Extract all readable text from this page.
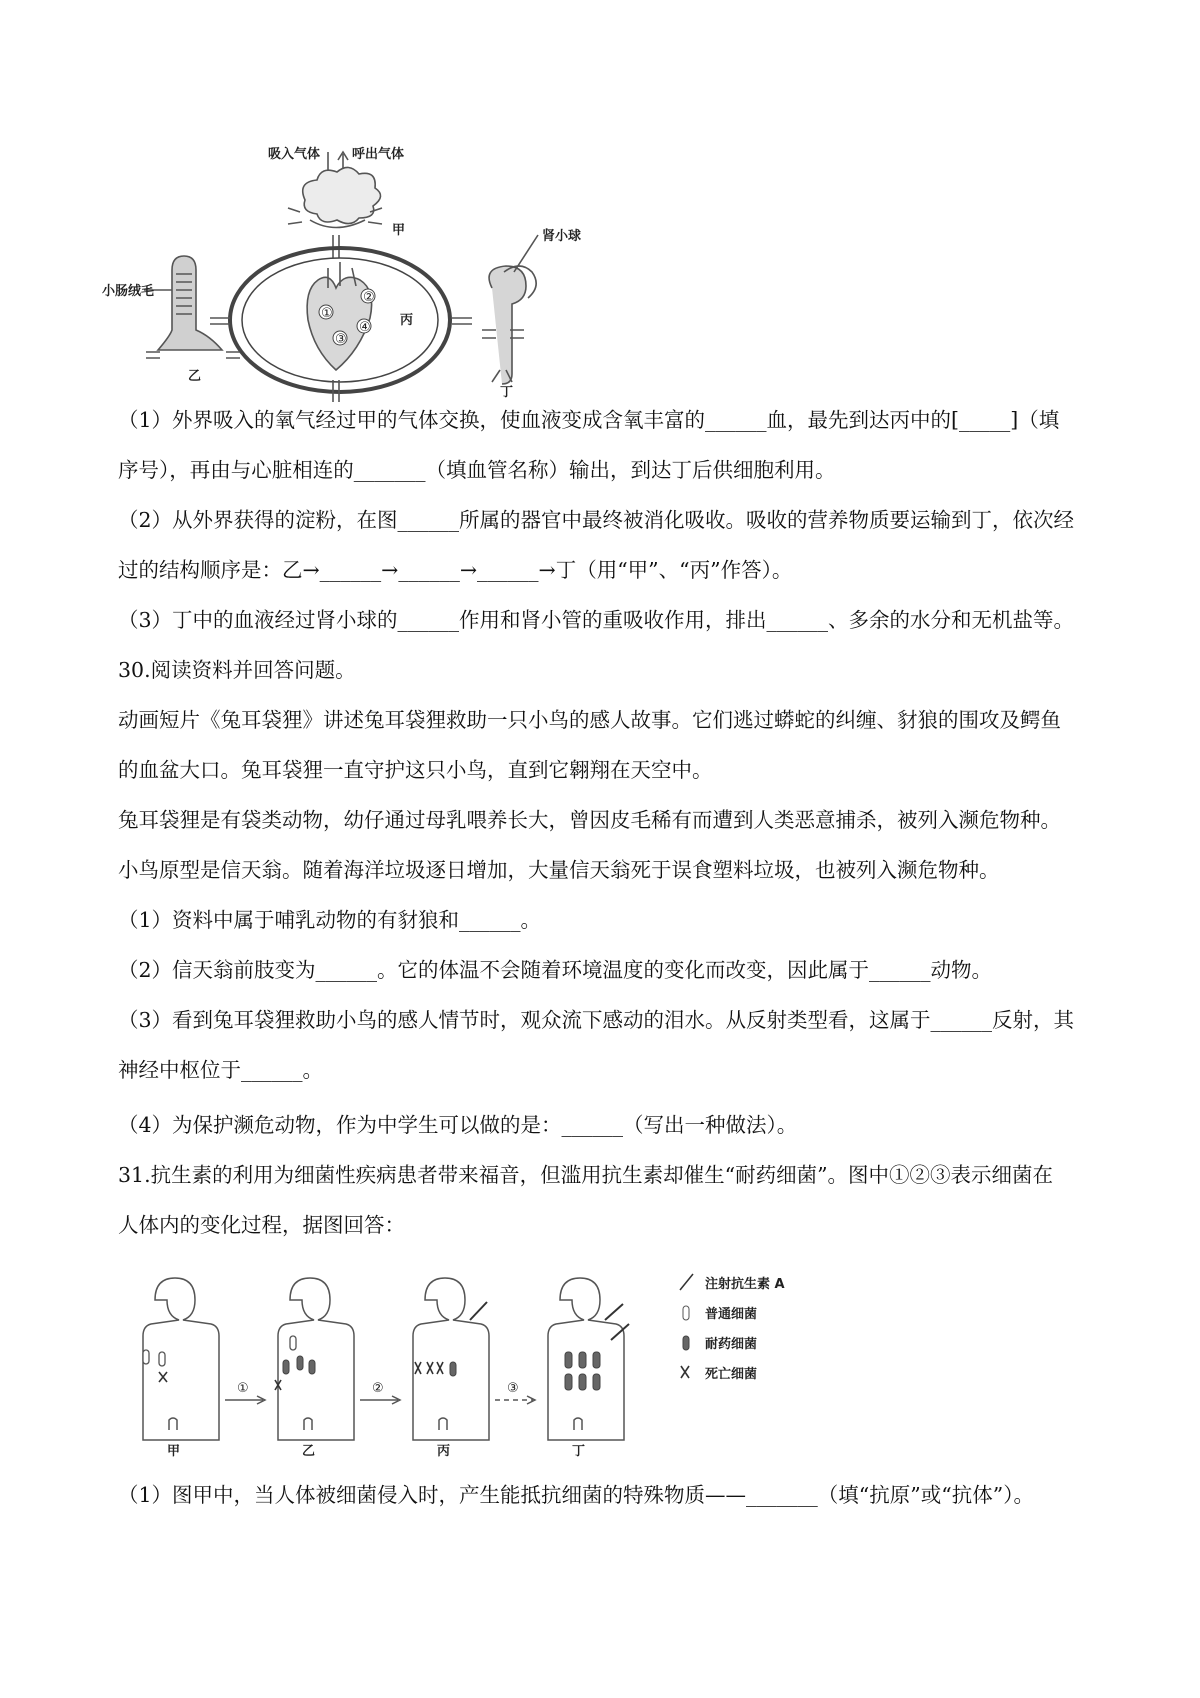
①
②
③
④
吸入气体 呼出气体
甲	肾小球
小肠绒毛
丙
乙
丁
（1）外界吸入的氧气经过甲的气体交换，使血液变成含氧丰富的______血，最先到达丙中的[_____]（填
序号），再由与心脏相连的_______（填血管名称）输出，到达丁后供细胞利用。
（2）从外界获得的淀粉，在图______所属的器官中最终被消化吸收。吸收的营养物质要运输到丁，依次经
过的结构顺序是：乙→______→______→______→丁（用“甲”、“丙”作答）。
（3）丁中的血液经过肾小球的______作用和肾小管的重吸收作用，排出______、多余的水分和无机盐等。
30.阅读资料并回答问题。
动画短片《兔耳袋狸》讲述兔耳袋狸救助一只小鸟的感人故事。它们逃过蟒蛇的纠缠、豺狼的围攻及鳄鱼
的血盆大口。兔耳袋狸一直守护这只小鸟，直到它翱翔在天空中。
兔耳袋狸是有袋类动物，幼仔通过母乳喂养长大，曾因皮毛稀有而遭到人类恶意捕杀，被列入濒危物种。
小鸟原型是信天翁。随着海洋垃圾逐日增加，大量信天翁死于误食塑料垃圾，也被列入濒危物种。
（1）资料中属于哺乳动物的有豺狼和______。
（2）信天翁前肢变为______。它的体温不会随着环境温度的变化而改变，因此属于______动物。
（3）看到兔耳袋狸救助小鸟的感人情节时，观众流下感动的泪水。从反射类型看，这属于______反射，其
神经中枢位于______。
（4）为保护濒危动物，作为中学生可以做的是：______（写出一种做法）。
31.抗生素的利用为细菌性疾病患者带来福音，但滥用抗生素却催生“耐药细菌”。图中①②③表示细菌在
人体内的变化过程，据图回答：
①	②	③
甲	乙	丙	丁
注射抗生素 A
普通细菌
耐药细菌
死亡细菌
（1）图甲中，当人体被细菌侵入时，产生能抵抗细菌的特殊物质——_______（填“抗原”或“抗体”）。
